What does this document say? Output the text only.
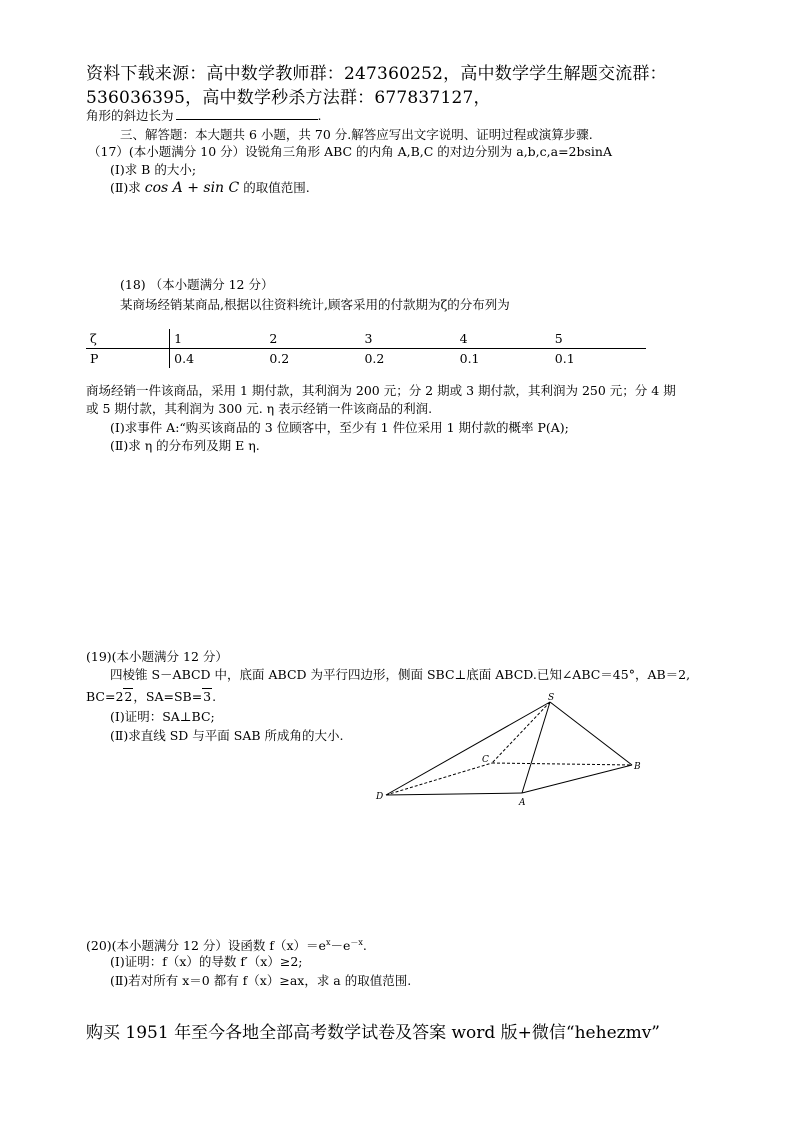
资料下载来源：高中数学教师群：247360252，高中数学学生解题交流群：
536036395，高中数学秒杀方法群：677837127，
角形的斜边长为	.
三、解答题：本大题共 6 小题，共 70 分.解答应写出文字说明、证明过程或演算步骤.
（17）(本小题满分 10 分）设锐角三角形 ABC 的内角 A,B,C 的对边分别为 a,b,c,a=2bsinA
(Ⅰ)求 B 的大小;
(Ⅱ)求 cos A + sin C 的取值范围.
(18) （本小题满分 12 分）
某商场经销某商品,根据以往资料统计,顾客采用的付款期为ζ的分布列为
ζ	1	2	3	4	5
P	0.4	0.2	0.2	0.1	0.1
商场经销一件该商品，采用 1 期付款，其利润为 200 元；分 2 期或 3 期付款，其利润为 250 元；分 4 期
或 5 期付款，其利润为 300 元. η 表示经销一件该商品的利润.
(Ⅰ)求事件 A:“购买该商品的 3 位顾客中，至少有 1 件位采用 1 期付款的概率 P(A);
(Ⅱ)求 η 的分布列及期 E η.
(19)(本小题满分 12 分）
四棱锥 S－ABCD 中，底面 ABCD 为平行四边形，侧面 SBC⊥底面 ABCD.已知∠ABC＝45°，AB＝2,
BC=22，SA=SB=3.
(Ⅰ)证明：SA⊥BC;
(Ⅱ)求直线 SD 与平面 SAB 所成角的大小.
S
C
B
D
A
(20)(本小题满分 12 分）设函数 $f(x)=e^x-e^{-x}$.
(Ⅰ)证明：f（x）的导数 f′（x）≥2;
(Ⅱ)若对所有 x＝0 都有 f（x）≥ax，求 a 的取值范围.
购买 1951 年至今各地全部高考数学试卷及答案 word 版+微信“hehezmv”
